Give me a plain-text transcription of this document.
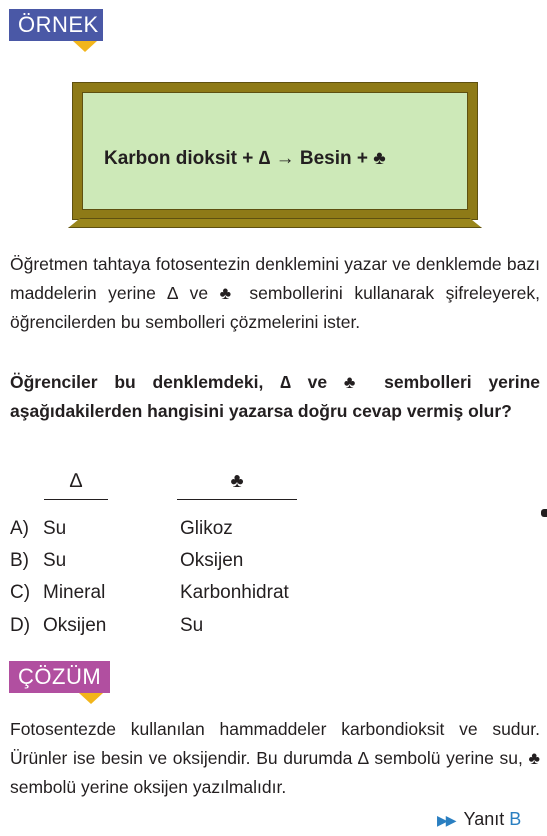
ÖRNEK
Karbon dioksit + ∆ → Besin + ♣
Öğretmen tahtaya fotosentezin denklemini yazar ve denklemde bazı maddelerin yerine ∆ ve ♣ sembollerini kullanarak şifreleyerek, öğrencilerden bu sembolleri çözmelerini ister.
Öğrenciler bu denklemdeki, ∆ ve ♣ sembolleri yerine aşağıdakilerden hangisini yazarsa doğru cevap vermiş olur?
∆	♣
A) Su	Glikoz
B) Su	Oksijen
C) Mineral	Karbonhidrat
D) Oksijen	Su
ÇÖZÜM
Fotosentezde kullanılan hammaddeler karbondioksit ve sudur. Ürünler ise besin ve oksijendir. Bu durumda ∆ sembolü yerine su, ♣ sembolü yerine oksijen yazılmalıdır.
▶▶ Yanıt B
